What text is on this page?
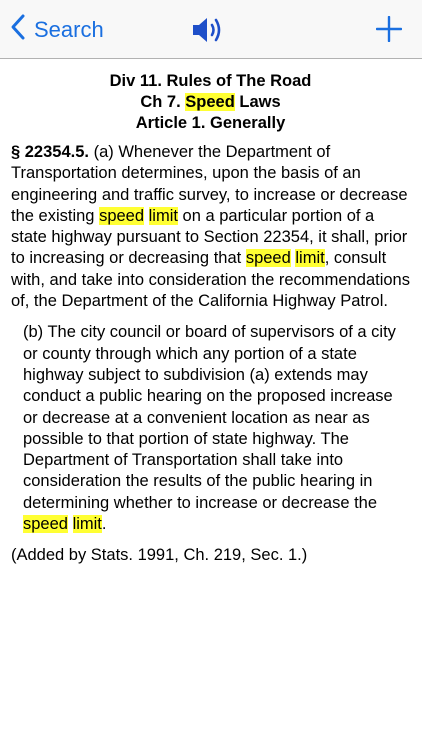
Search

Div 11. Rules of The Road

Ch 7. Speed Laws

Article 1. Generally

§ 22354.5. (a) Whenever the Department of Transportation determines, upon the basis of an engineering and traffic survey, to increase or decrease the existing speed limit on a particular portion of a state highway pursuant to Section 22354, it shall, prior to increasing or decreasing that speed limit, consult with, and take into consideration the recommendations of, the Department of the California Highway Patrol.

(b) The city council or board of supervisors of a city or county through which any portion of a state highway subject to subdivision (a) extends may conduct a public hearing on the proposed increase or decrease at a convenient location as near as possible to that portion of state highway. The Department of Transportation shall take into consideration the results of the public hearing in determining whether to increase or decrease the speed limit.

(Added by Stats. 1991, Ch. 219, Sec. 1.)
